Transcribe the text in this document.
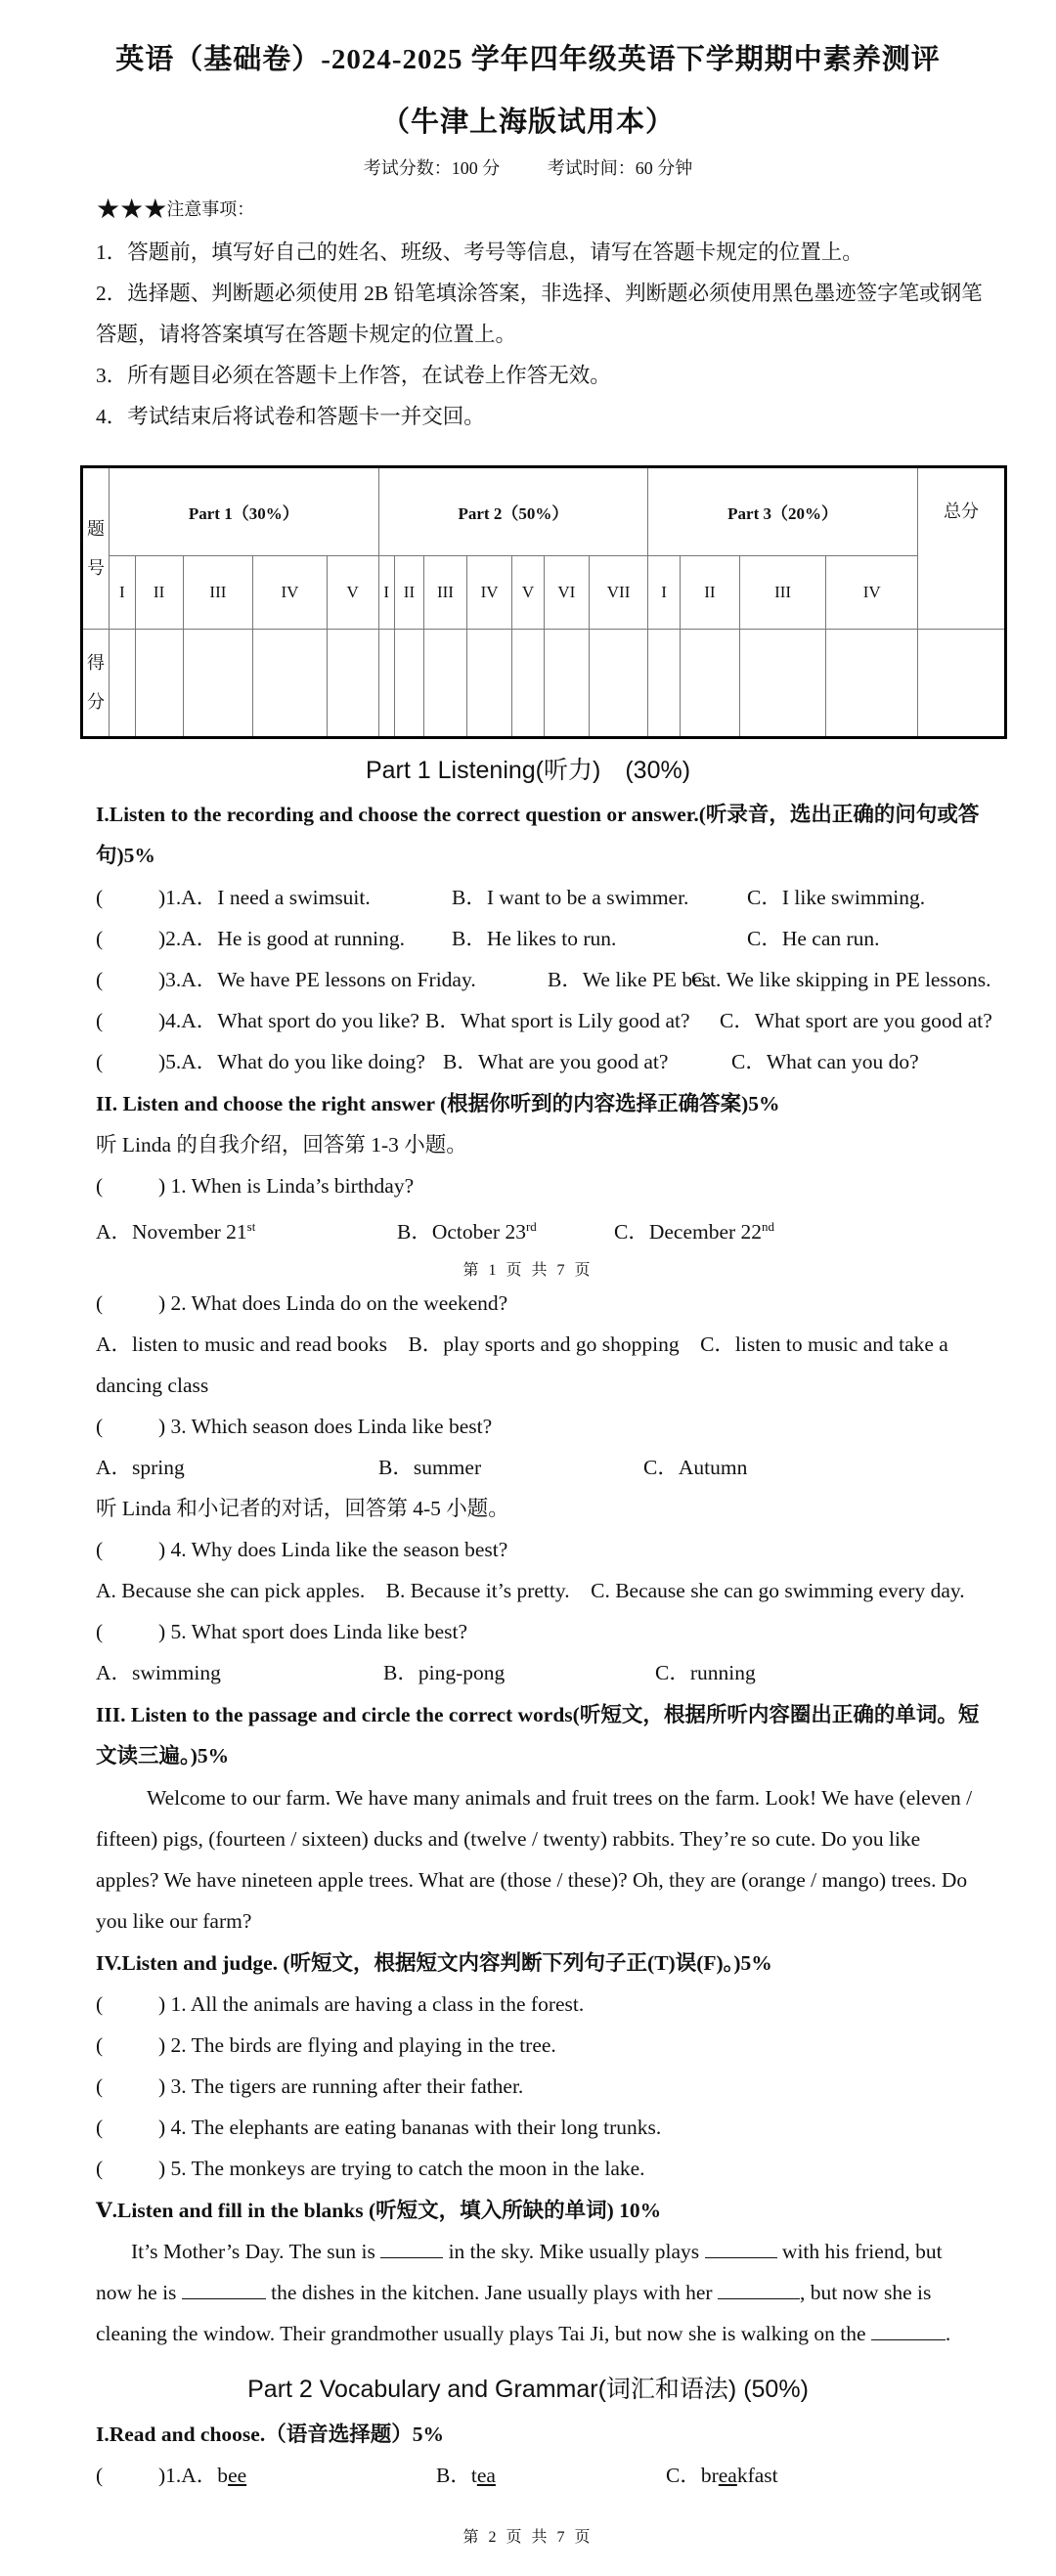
英语（基础卷）-2024-2025 学年四年级英语下学期期中素养测评
（牛津上海版试用本）
考试分数：100 分	考试时间：60 分钟
★★★注意事项：
1．答题前，填写好自己的姓名、班级、考号等信息，请写在答题卡规定的位置上。
2．选择题、判断题必须使用 2B 铅笔填涂答案，非选择、判断题必须使用黑色墨迹签字笔或钢笔
答题，请将答案填写在答题卡规定的位置上。
3．所有题目必须在答题卡上作答，在试卷上作答无效。
4．考试结束后将试卷和答题卡一并交回。
题号	Part 1（30%）					Part 2（50%）							Part 3（20%）				总分
	I	II	III	IV	V	I	II	III	IV	V	VI	VII	I	II	III	IV	
得分																	
Part 1 Listening(听力)　(30%)
I.Listen to the recording and choose the correct question or answer.(听录音，选出正确的问句或答
句)5%
(	)1.A．I need a swimsuit.	B．I want to be a swimmer.	C．I like swimming.
(	)2.A．He is good at running. B．He likes to run.	C．He can run.
(	)3.A．We have PE lessons on Friday.	B．We like PE best.
C．We like skipping in PE lessons.
(	)4.A．What sport do you like? B．What sport is Lily good at? C．What sport are you good at?
(	)5.A．What do you like doing? B．What are you good at?	C．What can you do?
II. Listen and choose the right answer (根据你听到的内容选择正确答案)5%
听 Linda 的自我介绍，回答第 1-3 小题。
(	) 1. When is Linda’s birthday?
A．November 21st	B．October 23rd	C．December 22nd
第 1 页 共 7 页
(	) 2. What does Linda do on the weekend?
A．listen to music and read books　B．play sports and go shopping　C．listen to music and take a
dancing class
(	) 3. Which season does Linda like best?
A．spring	B．summer	C．Autumn
听 Linda 和小记者的对话，回答第 4-5 小题。
(	) 4. Why does Linda like the season best?
A. Because she can pick apples.　B. Because it’s pretty.　C. Because she can go swimming every day.
(	) 5. What sport does Linda like best?
A．swimming	B．ping-pong	C．running
III. Listen to the passage and circle the correct words(听短文，根据所听内容圈出正确的单词。短
文读三遍。)5%
Welcome to our farm. We have many animals and fruit trees on the farm. Look! We have (eleven /
fifteen) pigs, (fourteen / sixteen) ducks and (twelve / twenty) rabbits. They’re so cute. Do you like
apples? We have nineteen apple trees. What are (those / these)? Oh, they are (orange / mango) trees. Do
you like our farm?
IV.Listen and judge. (听短文，根据短文内容判断下列句子正(T)误(F)。)5%
(	) 1. All the animals are having a class in the forest.
(	) 2. The birds are flying and playing in the tree.
(	) 3. The tigers are running after their father.
(	) 4. The elephants are eating bananas with their long trunks.
(	) 5. The monkeys are trying to catch the moon in the lake.
Ⅴ.Listen and fill in the blanks (听短文，填入所缺的单词) 10%
It’s Mother’s Day. The sun is	in the sky. Mike usually plays	with his friend, but
now he is	the dishes in the kitchen. Jane usually plays with her	, but now she is
cleaning the window. Their grandmother usually plays Tai Ji, but now she is walking on the	.
Part 2 Vocabulary and Grammar(词汇和语法) (50%)
I.Read and choose.（语音选择题）5%
(	)1.A．bee	B．tea	C．breakfast
第 2 页 共 7 页
